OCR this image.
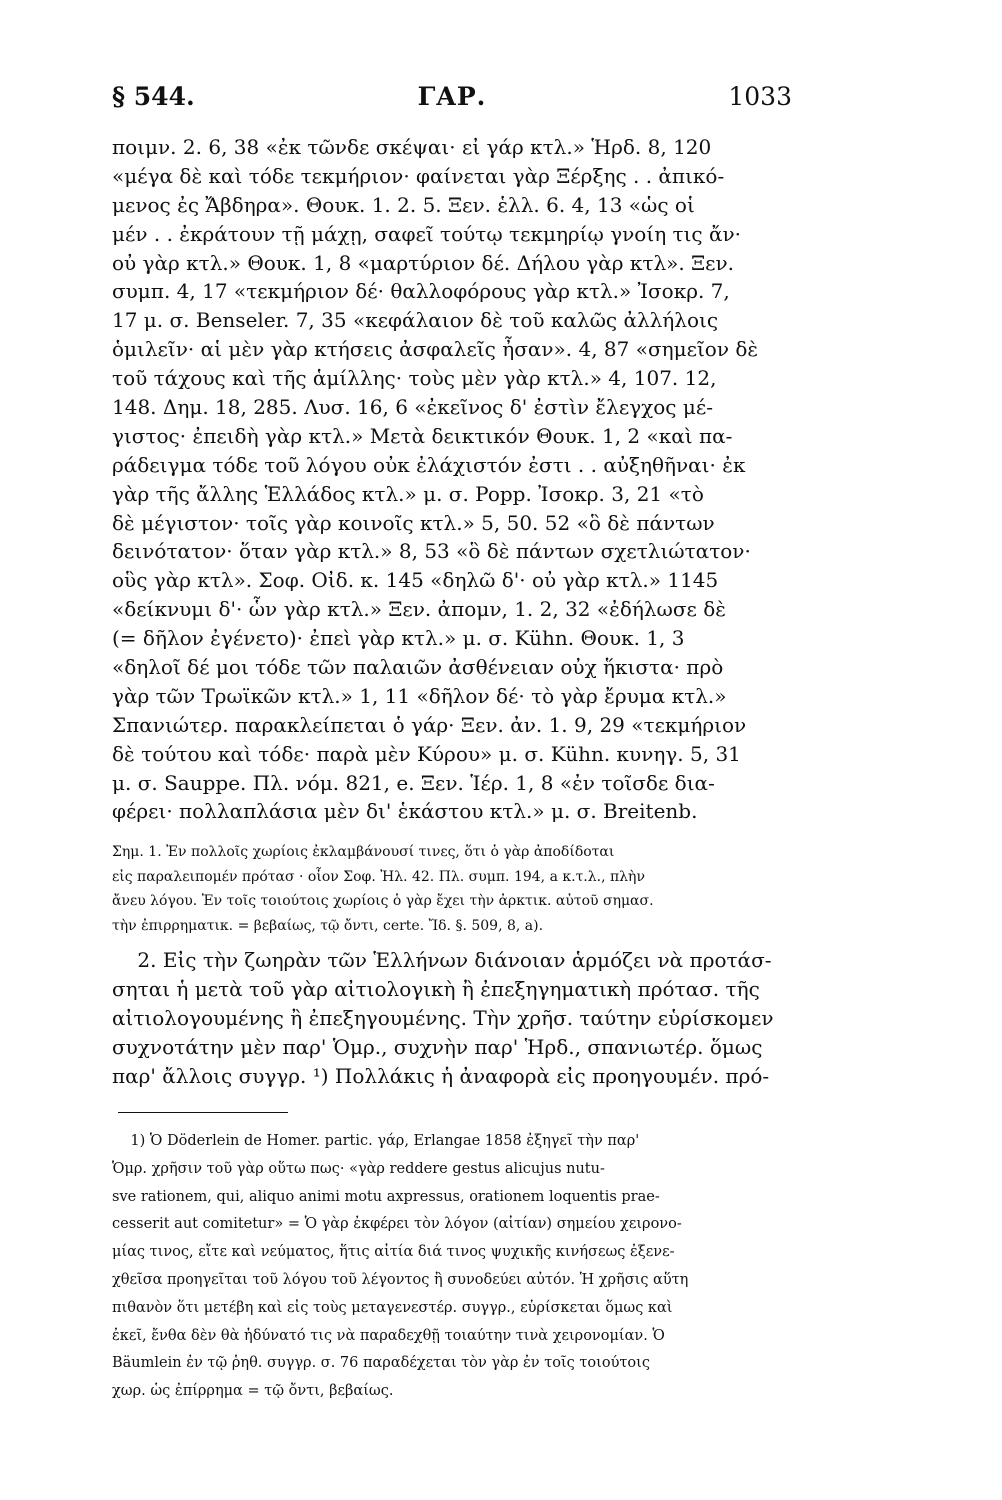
§ 544.	ΓΑΡ.	1033
ποιμν. 2. 6, 38 «ἐκ τῶνδε σκέψαι· εἰ γάρ κτλ.» Ἡρδ. 8, 120
«μέγα δὲ καὶ τόδε τεκμήριον· φαίνεται γὰρ Ξέρξης . . ἀπικό-
μενος ἐς Ἄβδηρα». Θουκ. 1. 2. 5. Ξεν. ἑλλ. 6. 4, 13 «ὡς οἱ
μέν . . ἐκράτουν τῇ μάχῃ, σαφεῖ τούτῳ τεκμηρίῳ γνοίη τις ἄν·
οὐ γὰρ κτλ.» Θουκ. 1, 8 «μαρτύριον δέ. Δήλου γὰρ κτλ». Ξεν.
συμπ. 4, 17 «τεκμήριον δέ· θαλλοφόρους γὰρ κτλ.» Ἰσοκρ. 7,
17 μ. σ. Benseler. 7, 35 «κεφάλαιον δὲ τοῦ καλῶς ἀλλήλοις
ὁμιλεῖν· αἱ μὲν γὰρ κτήσεις ἀσφαλεῖς ἦσαν». 4, 87 «σημεῖον δὲ
τοῦ τάχους καὶ τῆς ἁμίλλης· τοὺς μὲν γὰρ κτλ.» 4, 107. 12,
148. Δημ. 18, 285. Λυσ. 16, 6 «ἐκεῖνος δ' ἐστὶν ἔλεγχος μέ-
γιστος· ἐπειδὴ γὰρ κτλ.» Μετὰ δεικτικόν Θουκ. 1, 2 «καὶ πα-
ράδειγμα τόδε τοῦ λόγου οὐκ ἐλάχιστόν ἐστι . . αὐξηθῆναι· ἐκ
γὰρ τῆς ἄλλης Ἑλλάδος κτλ.» μ. σ. Popp. Ἰσοκρ. 3, 21 «τὸ
δὲ μέγιστον· τοῖς γὰρ κοινοῖς κτλ.» 5, 50. 52 «ὃ δὲ πάντων
δεινότατον· ὅταν γὰρ κτλ.» 8, 53 «ὃ δὲ πάντων σχετλιώτατον·
οὓς γὰρ κτλ». Σοφ. Οἰδ. κ. 145 «δηλῶ δ'· οὐ γὰρ κτλ.» 1145
«δείκνυμι δ'· ὧν γὰρ κτλ.» Ξεν. ἀπομν, 1. 2, 32 «ἐδήλωσε δὲ
(= δῆλον ἐγένετο)· ἐπεὶ γὰρ κτλ.» μ. σ. Kühn. Θουκ. 1, 3
«δηλοῖ δέ μοι τόδε τῶν παλαιῶν ἀσθένειαν οὐχ ἥκιστα· πρὸ
γὰρ τῶν Τρωϊκῶν κτλ.» 1, 11 «δῆλον δέ· τὸ γὰρ ἔρυμα κτλ.»
Σπανιώτερ. παρακλείπεται ὁ γάρ· Ξεν. ἀν. 1. 9, 29 «τεκμήριον
δὲ τούτου καὶ τόδε· παρὰ μὲν Κύρου» μ. σ. Kühn. κυνηγ. 5, 31
μ. σ. Sauppe. Πλ. νόμ. 821, e. Ξεν. Ἱέρ. 1, 8 «ἐν τοῖσδε δια-
φέρει· πολλαπλάσια μὲν δι' ἑκάστου κτλ.» μ. σ. Breitenb.
Σημ. 1. Ἐν πολλοῖς χωρίοις ἐκλαμβάνουσί τινες, ὅτι ὁ γὰρ ἀποδίδοται
εἰς παραλειπομέν πρότασ · οἷον Σοφ. Ἠλ. 42. Πλ. συμπ. 194, a κ.τ.λ., πλὴν
ἄνευ λόγου. Ἐν τοῖς τοιούτοις χωρίοις ὁ γὰρ ἔχει τὴν ἀρκτικ. αὐτοῦ σημασ.
τὴν ἐπιρρηματικ. = βεβαίως, τῷ ὄντι, certe. Ἴδ. §. 509, 8, a).
2. Εἰς τὴν ζωηρὰν τῶν Ἑλλήνων διάνοιαν ἁρμόζει νὰ προτάσ-
σηται ἡ μετὰ τοῦ γὰρ αἰτιολογικὴ ἢ ἐπεξηγηματικὴ πρότασ. τῆς
αἰτιολογουμένης ἢ ἐπεξηγουμένης. Τὴν χρῆσ. ταύτην εὑρίσκομεν
συχνοτάτην μὲν παρ' Ὁμρ., συχνὴν παρ' Ἡρδ., σπανιωτέρ. ὅμως
παρ' ἄλλοις συγγρ. ¹) Πολλάκις ἡ ἀναφορὰ εἰς προηγουμέν. πρό-
1) Ὁ Döderlein de Homer. partic. γάρ, Erlangae 1858 ἐξηγεῖ τὴν παρ'
Ὁμρ. χρῆσιν τοῦ γὰρ οὕτω πως· «γὰρ reddere gestus alicujus nutu-
sve rationem, qui, aliquo animi motu axpressus, orationem loquentis prae-
cesserit aut comitetur» = Ὁ γὰρ ἐκφέρει τὸν λόγον (αἰτίαν) σημείου χειρονο-
μίας τινος, εἴτε καὶ νεύματος, ἥτις αἰτία διά τινος ψυχικῆς κινήσεως ἐξενε-
χθεῖσα προηγεῖται τοῦ λόγου τοῦ λέγοντος ἢ συνοδεύει αὐτόν. Ἡ χρῆσις αὕτη
πιθανὸν ὅτι μετέβη καὶ εἰς τοὺς μεταγενεστέρ. συγγρ., εὑρίσκεται ὅμως καὶ
ἐκεῖ, ἔνθα δὲν θὰ ἠδύνατό τις νὰ παραδεχθῇ τοιαύτην τινὰ χειρονομίαν. Ὁ
Bäumlein ἐν τῷ ῥηθ. συγγρ. σ. 76 παραδέχεται τὸν γὰρ ἐν τοῖς τοιούτοις
χωρ. ὡς ἐπίρρημα = τῷ ὄντι, βεβαίως.
